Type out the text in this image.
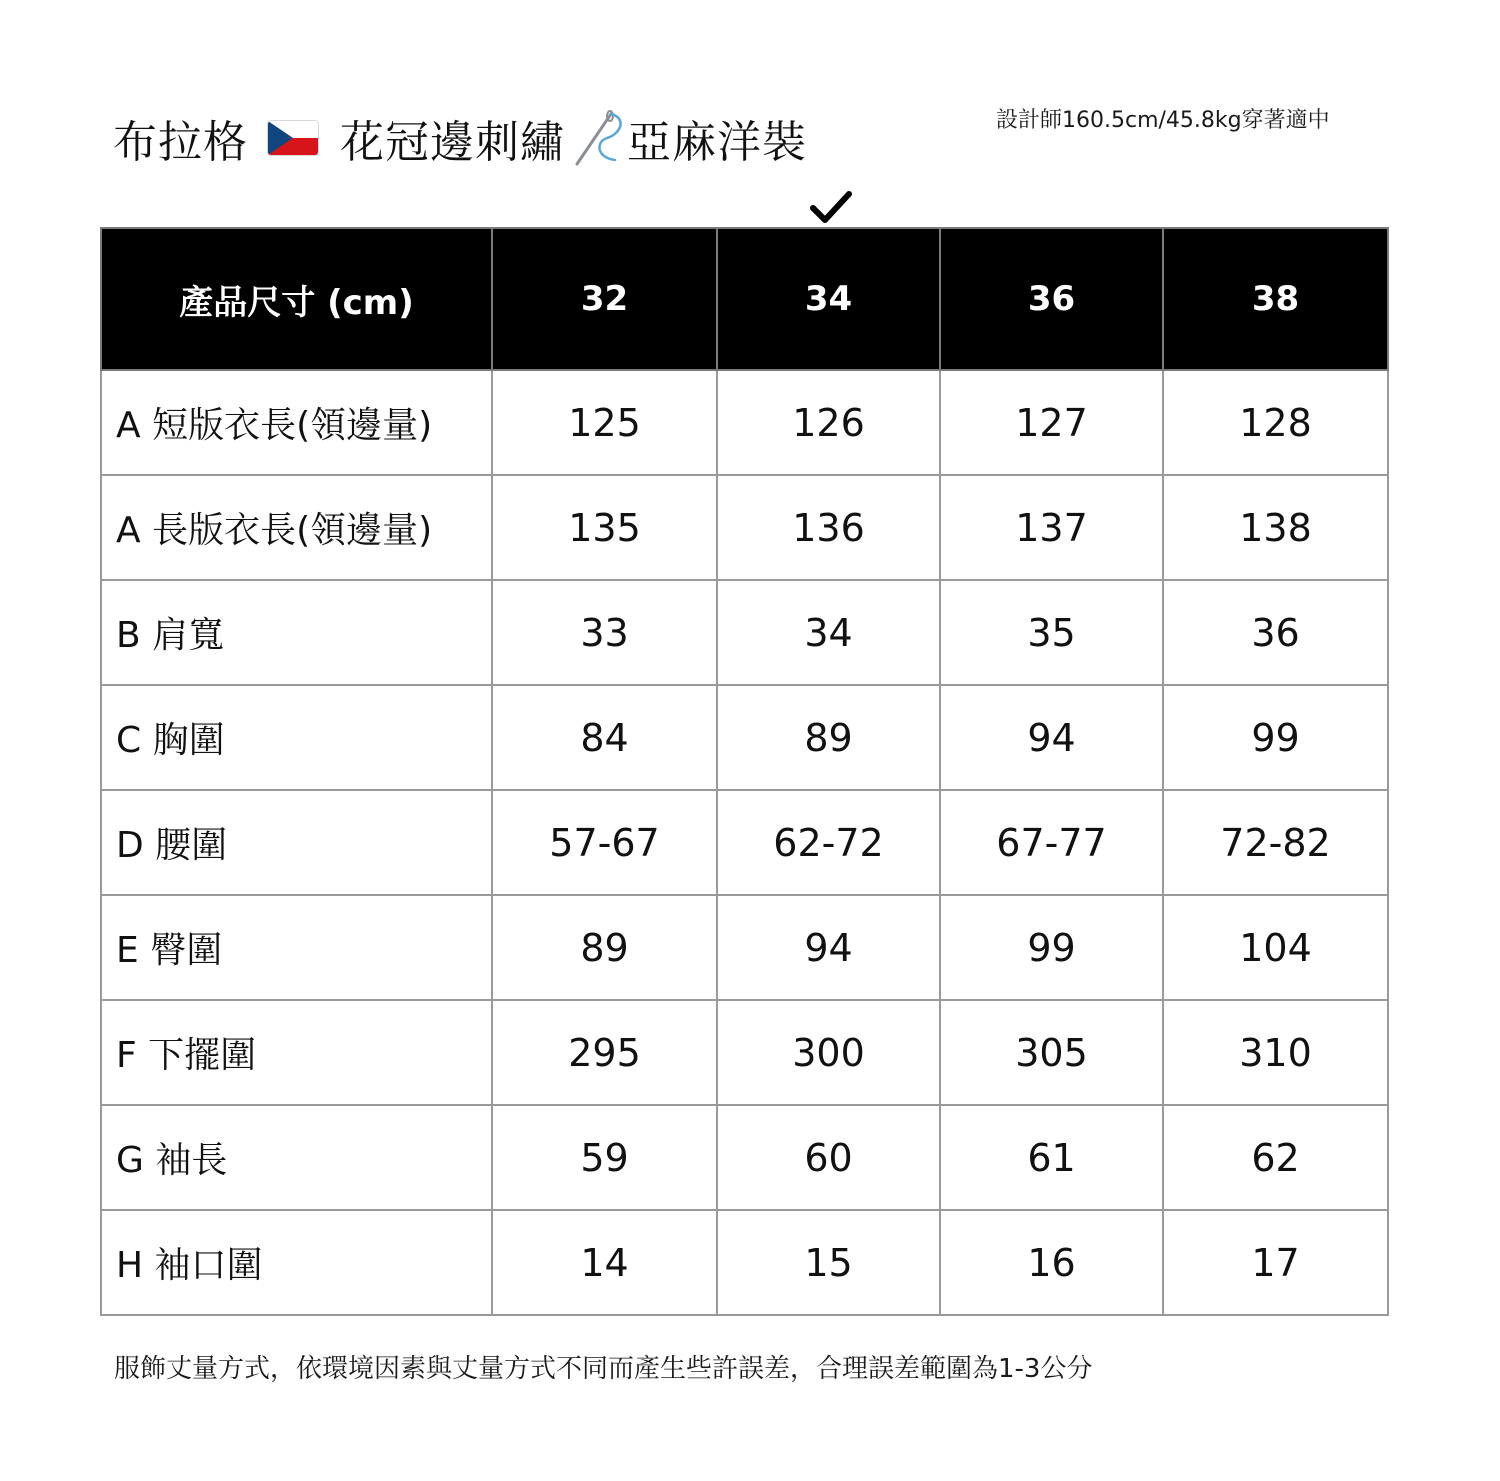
布拉格 花冠邊刺繡 亞麻洋裝	設計師160.5cm/45.8kg穿著適中
產品尺寸 (cm)	32	34	36	38
A 短版衣長(領邊量)	125	126	127	128
A 長版衣長(領邊量)	135	136	137	138
B 肩寬	33	34	35	36
C 胸圍	84	89	94	99
D 腰圍	57-67	62-72	67-77	72-82
E 臀圍	89	94	99	104
F 下擺圍	295	300	305	310
G 袖長	59	60	61	62
H 袖口圍	14	15	16	17
服飾丈量方式，依環境因素與丈量方式不同而產生些許誤差，合理誤差範圍為1-3公分
